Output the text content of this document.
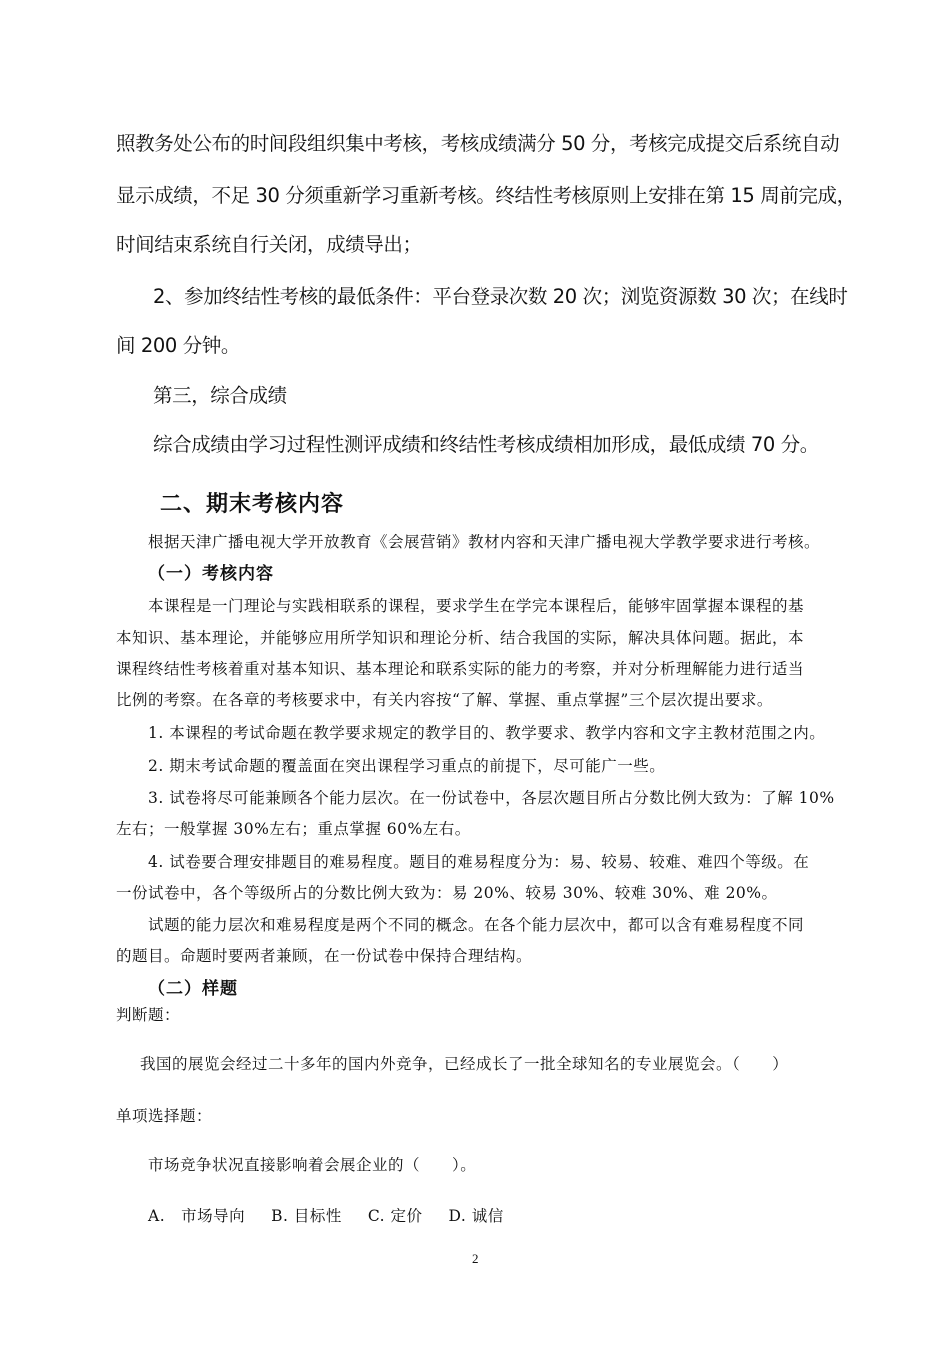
照教务处公布的时间段组织集中考核，考核成绩满分 50 分，考核完成提交后系统自动

显示成绩，不足 30 分须重新学习重新考核。终结性考核原则上安排在第 15 周前完成，

时间结束系统自行关闭，成绩导出；

2、参加终结性考核的最低条件：平台登录次数 20 次；浏览资源数 30 次；在线时

间 200 分钟。

第三，综合成绩

综合成绩由学习过程性测评成绩和终结性考核成绩相加形成，最低成绩 70 分。

二、期末考核内容

根据天津广播电视大学开放教育《会展营销》教材内容和天津广播电视大学教学要求进行考核。

（一）考核内容

本课程是一门理论与实践相联系的课程，要求学生在学完本课程后，能够牢固掌握本课程的基

本知识、基本理论，并能够应用所学知识和理论分析、结合我国的实际，解决具体问题。据此，本

课程终结性考核着重对基本知识、基本理论和联系实际的能力的考察，并对分析理解能力进行适当

比例的考察。在各章的考核要求中，有关内容按“了解、掌握、重点掌握”三个层次提出要求。

1. 本课程的考试命题在教学要求规定的教学目的、教学要求、教学内容和文字主教材范围之内。

2. 期末考试命题的覆盖面在突出课程学习重点的前提下，尽可能广一些。

3. 试卷将尽可能兼顾各个能力层次。在一份试卷中，各层次题目所占分数比例大致为：了解 10%

左右；一般掌握 30%左右；重点掌握 60%左右。

4. 试卷要合理安排题目的难易程度。题目的难易程度分为：易、较易、较难、难四个等级。在

一份试卷中，各个等级所占的分数比例大致为：易 20%、较易 30%、较难 30%、难 20%。

试题的能力层次和难易程度是两个不同的概念。在各个能力层次中，都可以含有难易程度不同

的题目。命题时要两者兼顾，在一份试卷中保持合理结构。

（二）样题

判断题：

我国的展览会经过二十多年的国内外竞争，已经成长了一批全球知名的专业展览会。（　　）

单项选择题：

市场竞争状况直接影响着会展企业的（　　）。

A.　市场导向 B. 目标性 C. 定价 D. 诚信

2
